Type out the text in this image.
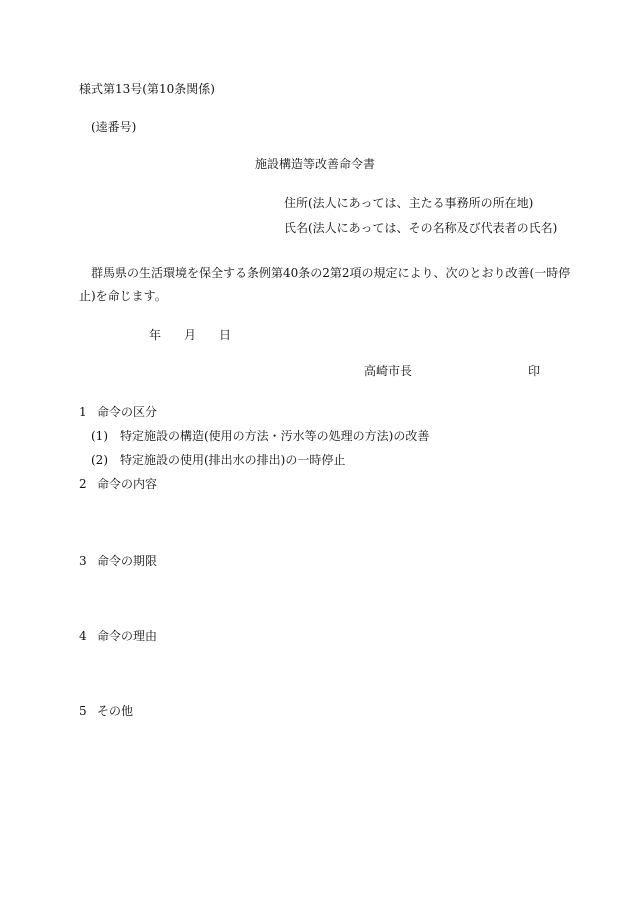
様式第13号(第10条関係)
(逵番号)
施設構造等改善命令書
住所(法人にあっては、主たる事務所の所在地)
氏名(法人にあっては、その名称及び代表者の氏名)
群馬県の生活環境を保全する条例第40条の2第2項の規定により、次のとおり改善(一時停
止)を命じます。
年 月 日
高崎市長	印
1 命令の区分
(1) 特定施設の構造(使用の方法・汚水等の処理の方法)の改善
(2) 特定施設の使用(排出水の排出)の一時停止
2 命令の内容
3 命令の期限
4 命令の理由
5 その他
